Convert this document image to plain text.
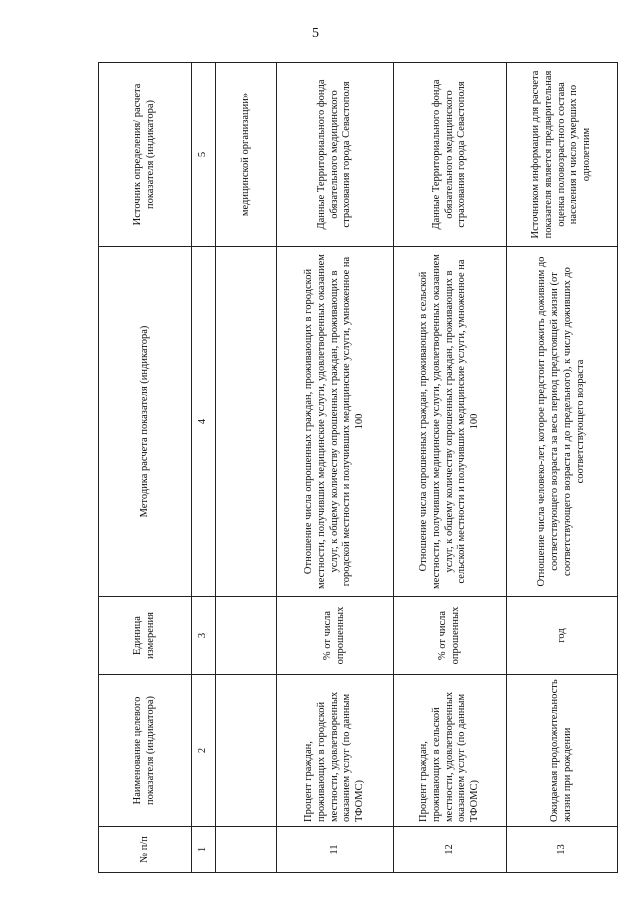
5
№ п/п	Наименование целевого показателя (индикатора)	Единица измерения	Методика расчета показателя (индикатора)	Источник определения/ расчета показателя (индикатора)
1	2	3	4	5
				медицинской организации»
11	Процент граждан, проживающих в городской местности, удовлетворенных оказанием услуг (по данным ТФОМС)	% от числа опрошенных	Отношение числа опрошенных граждан, проживающих в городской местности, получивших медицинские услуги, удовлетворенных оказанием услуг, к общему количеству опрошенных граждан, проживающих в городской местности и получивших медицинские услуги, умноженное на 100	Данные Территориального фонда обязательного медицинского страхования города Севастополя
12	Процент граждан, проживающих в сельской местности, удовлетворенных оказанием услуг (по данным ТФОМС)	% от числа опрошенных	Отношение числа опрошенных граждан, проживающих в сельской местности, получивших медицинские услуги, удовлетворенных оказанием услуг, к общему количеству опрошенных граждан, проживающих в сельской местности и получивших медицинские услуги, умноженное на 100	Данные Территориального фонда обязательного медицинского страхования города Севастополя
13	Ожидаемая продолжительность жизни при рождении	год	Отношение числа человеко-лет, которое предстоит прожить доживним до соответствующего возраста за весь период предстоящей жизни (от соответствующего возраста и до предельного), к числу доживших до соответствующего возраста	Источником информации для расчета показателя является предварительная оценка половозрастного состава населения и число умерших по однолетним
